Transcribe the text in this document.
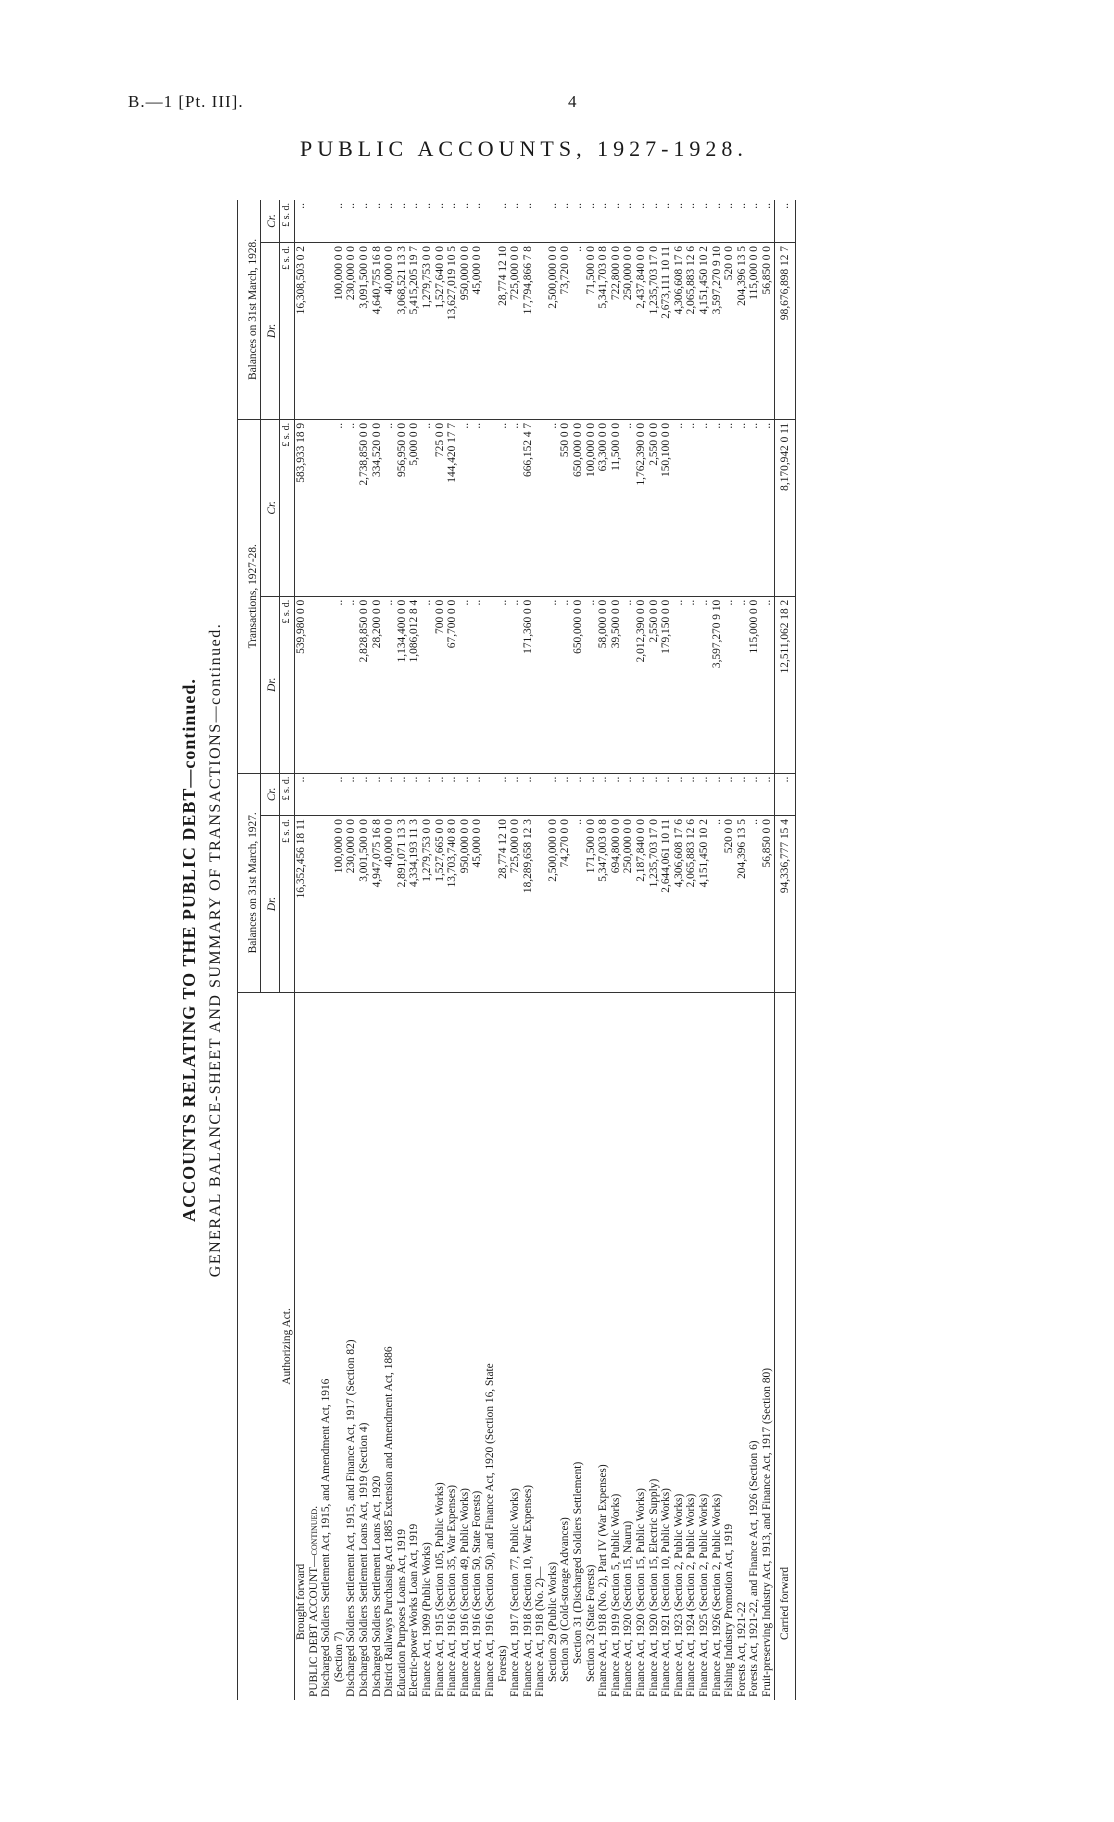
B.—1 [Pt. III].	4
PUBLIC ACCOUNTS, 1927-1928.
ACCOUNTS RELATING TO THE PUBLIC DEBT—continued. GENERAL BALANCE-SHEET AND SUMMARY OF TRANSACTIONS—continued.
Authorizing Act.	Balances on 31st March, 1927.		Transactions, 1927-28.		Balances on 31st March, 1928.	
	Dr.	Cr.	Dr.	Cr.	Dr.	Cr.
	£ s. d.	£ s. d.	£ s. d.	£ s. d.	£ s. d.	£ s. d.
Brought forward	16,352,456 18 11	..	539,980 0 0	583,933 18 9	16,308,503 0 2	..
PUBLIC DEBT ACCOUNT—continued.						
Discharged Soldiers Settlement Act, 1915, and Amendment Act, 1916						
(Section 7)	100,000 0 0	..	..	..	100,000 0 0	..
Discharged Soldiers Settlement Act, 1915, and Finance Act, 1917 (Section 82)	230,000 0 0	..	..	..	230,000 0 0	..
Discharged Soldiers Settlement Loans Act, 1919 (Section 4)	3,001,500 0 0	..	2,828,850 0 0	2,738,850 0 0	3,091,500 0 0	..
Discharged Soldiers Settlement Loans Act, 1920	4,947,075 16 8	..	28,200 0 0	334,520 0 0	4,640,755 16 8	..
District Railways Purchasing Act 1885 Extension and Amendment Act, 1886	40,000 0 0	..	..	..	40,000 0 0	..
Education Purposes Loans Act, 1919	2,891,071 13 3	..	1,134,400 0 0	956,950 0 0	3,068,521 13 3	..
Electric-power Works Loan Act, 1919	4,334,193 11 3	..	1,086,012 8 4	5,000 0 0	5,415,205 19 7	..
Finance Act, 1909 (Public Works)	1,279,753 0 0	..	..	..	1,279,753 0 0	..
Finance Act, 1915 (Section 105, Public Works)	1,527,665 0 0	..	700 0 0	725 0 0	1,527,640 0 0	..
Finance Act, 1916 (Section 35, War Expenses)	13,703,740 8 0	..	67,700 0 0	144,420 17 7	13,627,019 10 5	..
Finance Act, 1916 (Section 49, Public Works)	950,000 0 0	..	..	..	950,000 0 0	..
Finance Act, 1916 (Section 50, State Forests)	45,000 0 0	..	..	..	45,000 0 0	..
Finance Act, 1916 (Section 50), and Finance Act, 1920 (Section 16, State						
Forests)	28,774 12 10	..	..	..	28,774 12 10	..
Finance Act, 1917 (Section 77, Public Works)	725,000 0 0	..	..	..	725,000 0 0	..
Finance Act, 1918 (Section 10, War Expenses)	18,289,658 12 3	..	171,360 0 0	666,152 4 7	17,794,866 7 8	..
Finance Act, 1918 (No. 2)—						
Section 29 (Public Works)	2,500,000 0 0	..	..	..	2,500,000 0 0	..
Section 30 (Cold-storage Advances)	74,270 0 0	..	..	550 0 0	73,720 0 0	..
Section 31 (Discharged Soldiers Settlement)	..	..	650,000 0 0	650,000 0 0	..	..
Section 32 (State Forests)	171,500 0 0	..	..	100,000 0 0	71,500 0 0	..
Finance Act, 1918 (No. 2), Part IV (War Expenses)	5,347,003 0 8	..	58,000 0 0	63,300 0 0	5,341,703 0 8	..
Finance Act, 1919 (Section 5, Public Works)	694,800 0 0	..	39,500 0 0	11,500 0 0	722,800 0 0	..
Finance Act, 1920 (Section 15, Nauru)	250,000 0 0	..	..	..	250,000 0 0	..
Finance Act, 1920 (Section 15, Public Works)	2,187,840 0 0	..	2,012,390 0 0	1,762,390 0 0	2,437,840 0 0	..
Finance Act, 1920 (Section 15, Electric Supply)	1,235,703 17 0	..	2,550 0 0	2,550 0 0	1,235,703 17 0	..
Finance Act, 1921 (Section 10, Public Works)	2,644,061 10 11	..	179,150 0 0	150,100 0 0	2,673,111 10 11	..
Finance Act, 1923 (Section 2, Public Works)	4,306,608 17 6	..	..	..	4,306,608 17 6	..
Finance Act, 1924 (Section 2, Public Works)	2,065,883 12 6	..	..	..	2,065,883 12 6	..
Finance Act, 1925 (Section 2, Public Works)	4,151,450 10 2	..	..	..	4,151,450 10 2	..
Finance Act, 1926 (Section 2, Public Works)	..	..	3,597,270 9 10	..	3,597,270 9 10	..
Fishing Industry Promotion Act, 1919	520 0 0	..	..	..	520 0 0	..
Forests Act, 1921-22	204,396 13 5	..	..	..	204,396 13 5	..
Forests Act, 1921-22, and Finance Act, 1926 (Section 6)	..	..	115,000 0 0	..	115,000 0 0	..
Fruit-preserving Industry Act, 1913, and Finance Act, 1917 (Section 80)	56,850 0 0	..	..	..	56,850 0 0	..
Carried forward	94,336,777 15 4	..	12,511,062 18 2	8,170,942 0 11	98,676,898 12 7	..
